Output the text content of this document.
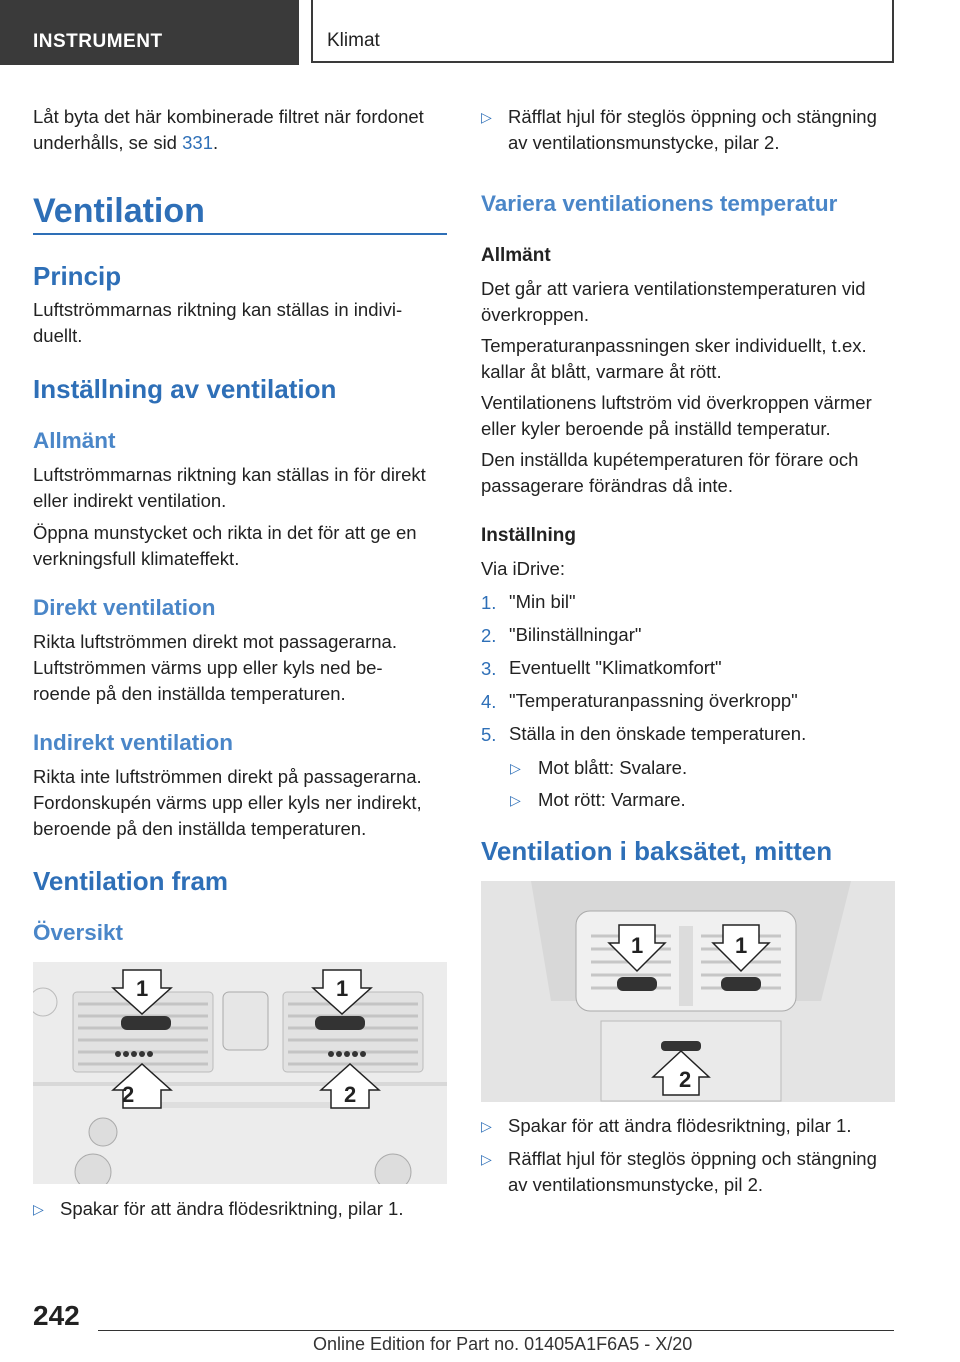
INSTRUMENT	Klimat

Låt byta det här kombinerade filtret när fordonet

underhålls, se sid 331.

Ventilation
Princip

Luftströmmarnas riktning kan ställas in indivi-

duellt.

Inställning av ventilation
Allmänt

Luftströmmarnas riktning kan ställas in för direkt

eller indirekt ventilation.

Öppna munstycket och rikta in det för att ge en

verkningsfull klimateffekt.

Direkt ventilation

Rikta luftströmmen direkt mot passagerarna.

Luftströmmen värms upp eller kyls ned be-

roende på den inställda temperaturen.

Indirekt ventilation

Rikta inte luftströmmen direkt på passagerarna.

Fordonskupén värms upp eller kyls ner indirekt,

beroende på den inställda temperaturen.

Ventilation fram
Översikt
1	1
2	2
▷ Spakar för att ändra flödesriktning, pilar 1.

▷ Räfflat hjul för steglös öppning och stängning

av ventilationsmunstycke, pilar 2.

Variera ventilationens temperatur
Allmänt

Det går att variera ventilationstemperaturen vid

överkroppen.

Temperaturanpassningen sker individuellt, t.ex.

kallar åt blått, varmare åt rött.

Ventilationens luftström vid överkroppen värmer

eller kyler beroende på inställd temperatur.

Den inställda kupétemperaturen för förare och

passagerare förändras då inte.

Inställning

Via iDrive:

1. "Min bil"

2. "Bilinställningar"

3. Eventuellt "Klimatkomfort"

4. "Temperaturanpassning överkropp"

5. Ställa in den önskade temperaturen.

▷ Mot blått: Svalare.

▷ Mot rött: Varmare.

Ventilation i baksätet, mitten
1	1
2
▷ Spakar för att ändra flödesriktning, pilar 1.

▷ Räfflat hjul för steglös öppning och stängning

av ventilationsmunstycke, pil 2.

242
Online Edition for Part no. 01405A1F6A5 - X/20
